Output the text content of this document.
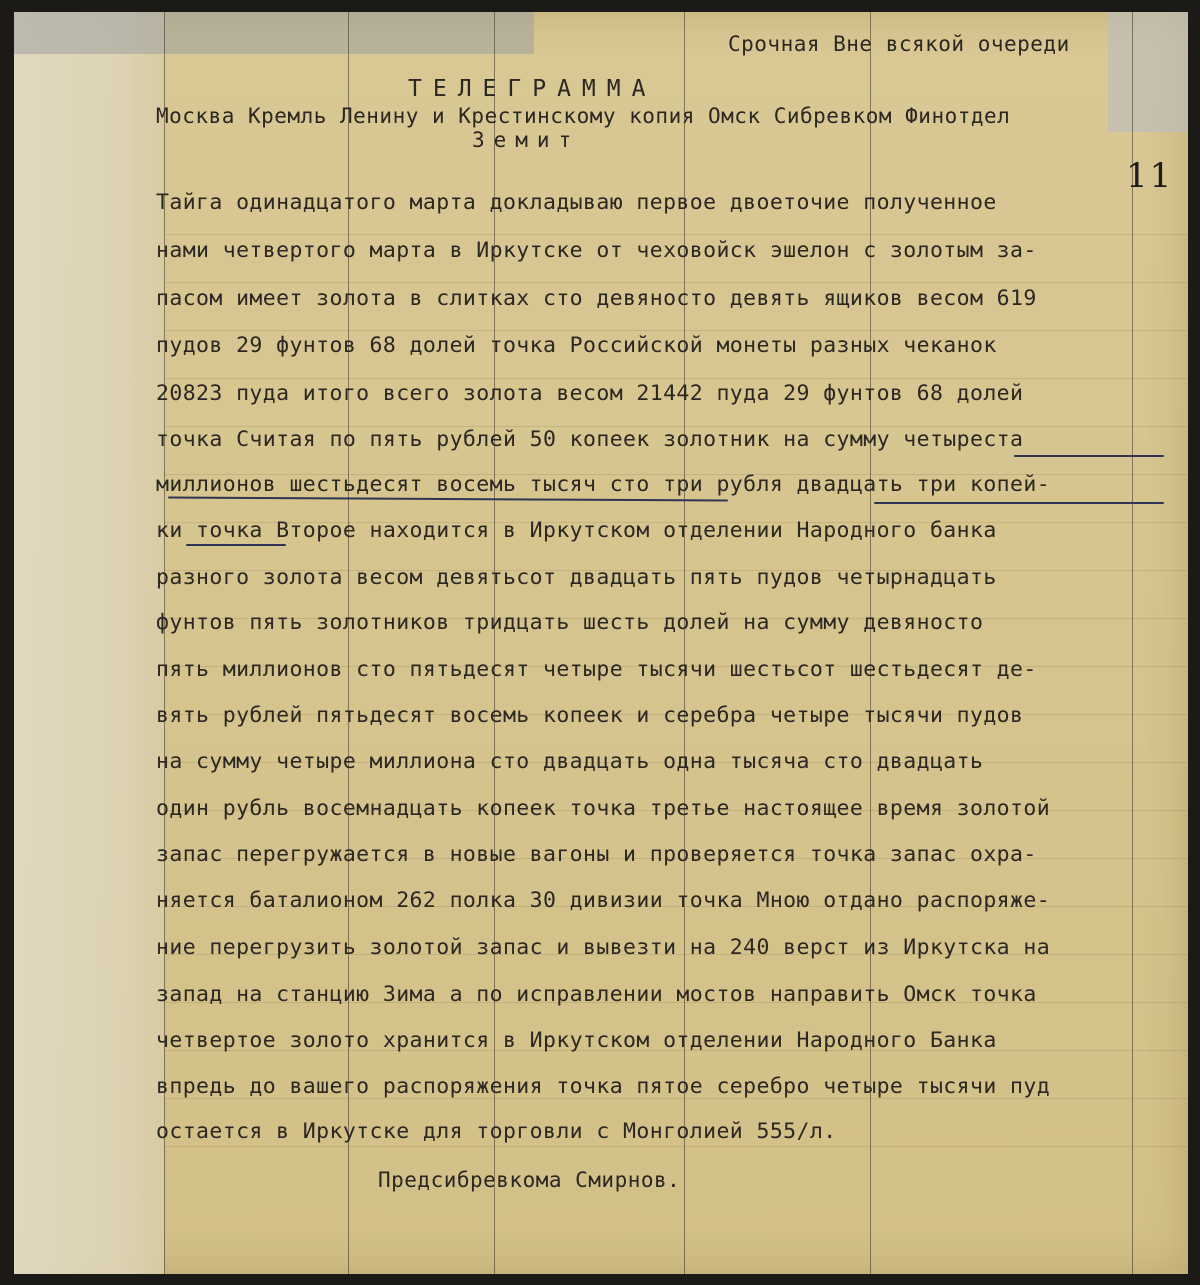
Срочная Вне всякой очереди
ТЕЛЕГРАММА
Москва Кремль Ленину и Крестинскому копия Омск Сибревком Финотдел
Земит
11
Тайга одинадцатого марта докладываю первое двоеточие полученное
нами четвертого марта в Иркутске от чеховойск эшелон с золотым за-
пасом имеет золота в слитках сто девяносто девять ящиков весом 619
пудов 29 фунтов 68 долей точка Российской монеты разных чеканок
20823 пуда итого всего золота весом 21442 пуда 29 фунтов 68 долей
точка Считая по пять рублей 50 копеек золотник на сумму четыреста
миллионов шестьдесят восемь тысяч сто три рубля двадцать три копей-
ки точка Второе находится в Иркутском отделении Народного банка
разного золота весом девятьсот двадцать пять пудов четырнадцать
фунтов пять золотников тридцать шесть долей на сумму девяносто
пять миллионов сто пятьдесят четыре тысячи шестьсот шестьдесят де-
вять рублей пятьдесят восемь копеек и серебра четыре тысячи пудов
на сумму четыре миллиона сто двадцать одна тысяча сто двадцать
один рубль восемнадцать копеек точка третье настоящее время золотой
запас перегружается в новые вагоны и проверяется точка запас охра-
няется баталионом 262 полка 30 дивизии точка Мною отдано распоряже-
ние перегрузить золотой запас и вывезти на 240 верст из Иркутска на
запад на станцию Зима а по исправлении мостов направить Омск точка
четвертое золото хранится в Иркутском отделении Народного Банка
впредь до вашего распоряжения точка пятое серебро четыре тысячи пуд
остается в Иркутске для торговли с Монголией 555/л.
Предсибревкома Смирнов.
